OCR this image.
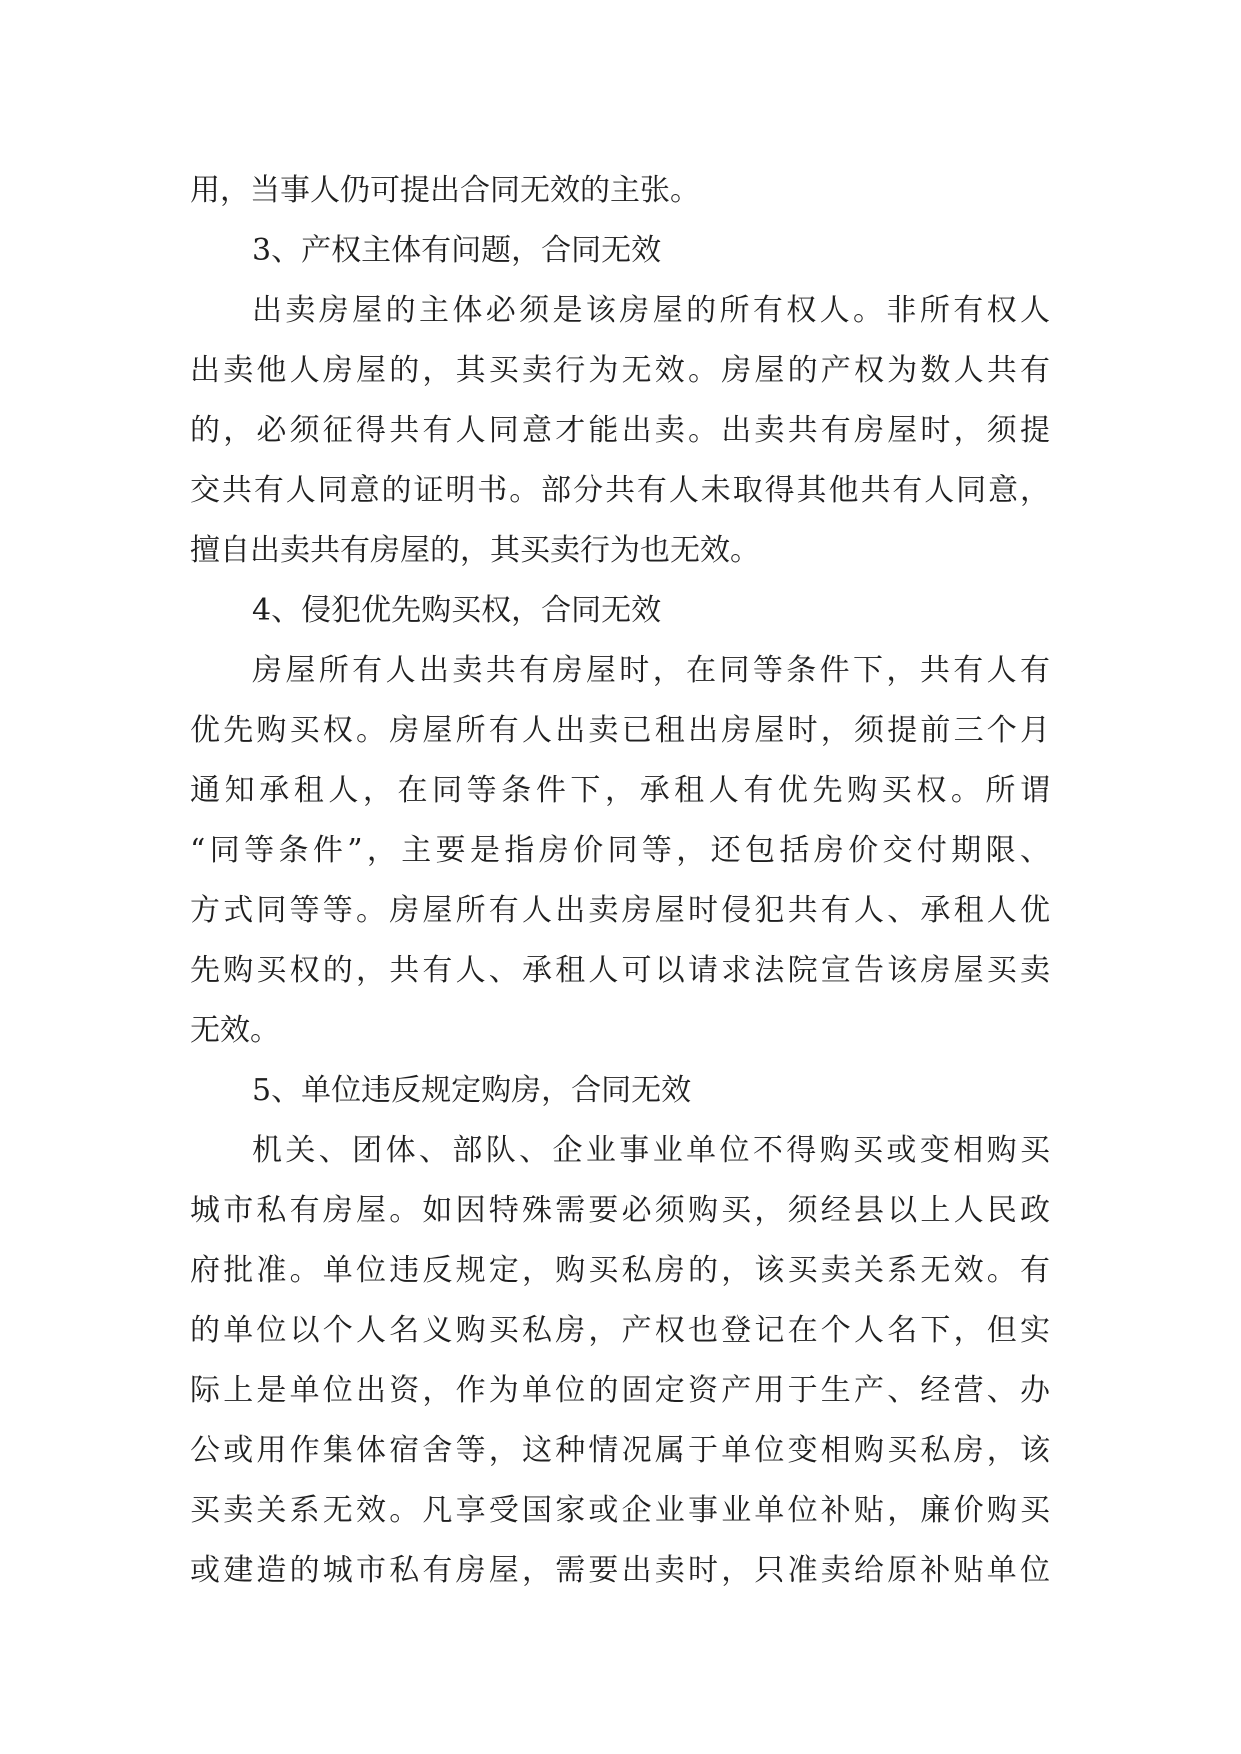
用，当事人仍可提出合同无效的主张。
3、产权主体有问题，合同无效
出卖房屋的主体必须是该房屋的所有权人。非所有权人
出卖他人房屋的，其买卖行为无效。房屋的产权为数人共有
的，必须征得共有人同意才能出卖。出卖共有房屋时，须提
交共有人同意的证明书。部分共有人未取得其他共有人同意，
擅自出卖共有房屋的，其买卖行为也无效。
4、侵犯优先购买权，合同无效
房屋所有人出卖共有房屋时，在同等条件下，共有人有
优先购买权。房屋所有人出卖已租出房屋时，须提前三个月
通知承租人，在同等条件下，承租人有优先购买权。所谓
“同等条件”，主要是指房价同等，还包括房价交付期限、
方式同等等。房屋所有人出卖房屋时侵犯共有人、承租人优
先购买权的，共有人、承租人可以请求法院宣告该房屋买卖
无效。
5、单位违反规定购房，合同无效
机关、团体、部队、企业事业单位不得购买或变相购买
城市私有房屋。如因特殊需要必须购买，须经县以上人民政
府批准。单位违反规定，购买私房的，该买卖关系无效。有
的单位以个人名义购买私房，产权也登记在个人名下，但实
际上是单位出资，作为单位的固定资产用于生产、经营、办
公或用作集体宿舍等，这种情况属于单位变相购买私房，该
买卖关系无效。凡享受国家或企业事业单位补贴，廉价购买
或建造的城市私有房屋，需要出卖时，只准卖给原补贴单位
